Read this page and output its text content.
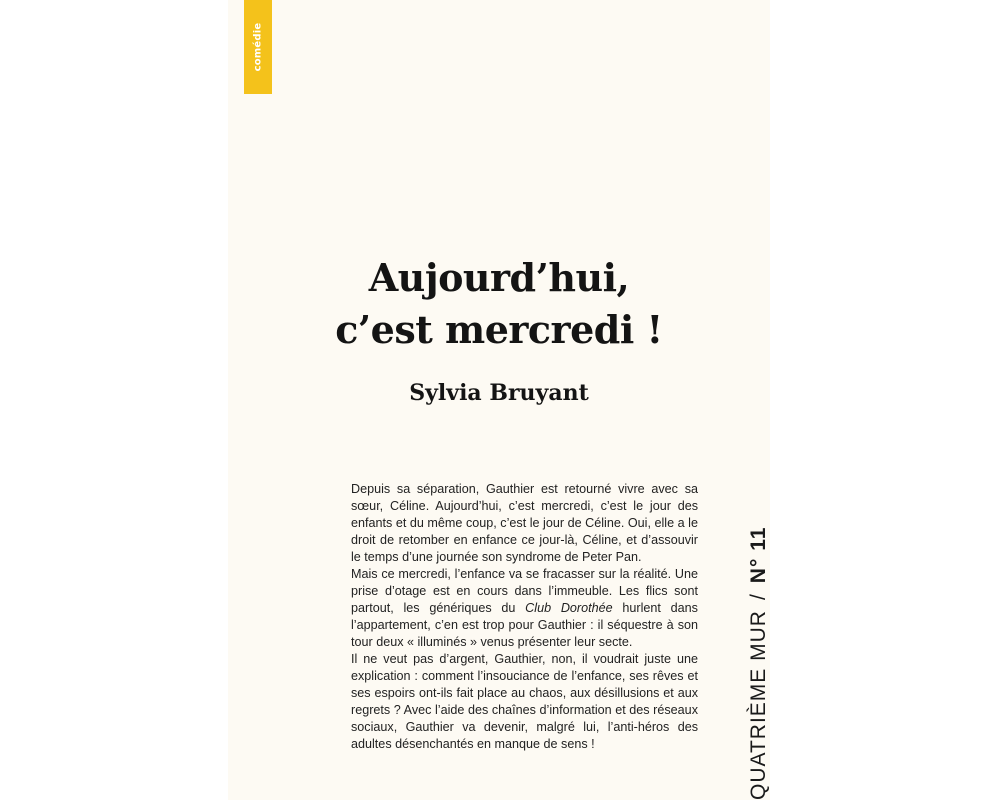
comédie
Aujourd’hui,
c’est mercredi !
Sylvia Bruyant

Depuis sa séparation, Gauthier est retourné vivre avec sa sœur, Céline. Aujourd’hui, c’est mercredi, c’est le jour des enfants et du même coup, c’est le jour de Céline. Oui, elle a le droit de retomber en enfance ce jour-là, Céline, et d’assouvir le temps d’une journée son syndrome de Peter Pan.

Mais ce mercredi, l’enfance va se fracasser sur la réalité. Une prise d’otage est en cours dans l’immeuble. Les flics sont partout, les génériques du Club Dorothée hurlent dans l’appartement, c’en est trop pour Gauthier : il séquestre à son tour deux « illuminés » venus présenter leur secte.

Il ne veut pas d’argent, Gauthier, non, il voudrait juste une explication : comment l’insouciance de l’enfance, ses rêves et ses espoirs ont-ils fait place au chaos, aux désillusions et aux regrets ? Avec l’aide des chaînes d’information et des réseaux sociaux, Gauthier va devenir, malgré lui, l’anti-héros des adultes désenchantés en manque de sens !	QUATRIÈME MUR/N° 11
